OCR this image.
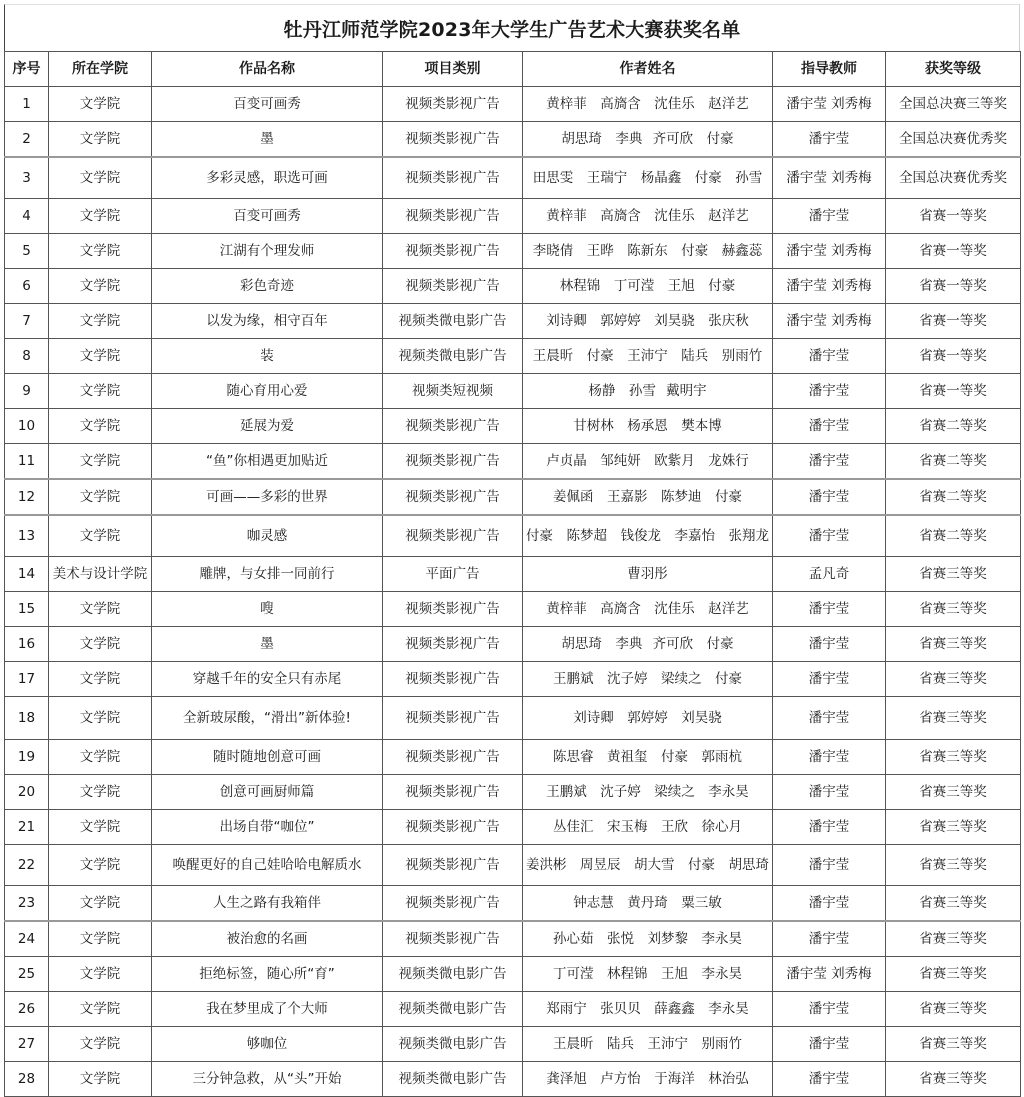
牡丹江师范学院2023年大学生广告艺术大赛获奖名单
序号	所在学院	作品名称	项目类别	作者姓名	指导教师	获奖等级
1	文学院	百变可画秀	视频类影视广告	黄梓菲　高旖含　沈佳乐　赵洋艺	潘宇莹 刘秀梅	全国总决赛三等奖
2	文学院	墨	视频类影视广告	胡思琦　李典 齐可欣　付豪	潘宇莹	全国总决赛优秀奖
3	文学院	多彩灵感，职选可画	视频类影视广告	田思雯　王瑞宁　杨晶鑫　付豪　孙雪	潘宇莹 刘秀梅	全国总决赛优秀奖
4	文学院	百变可画秀	视频类影视广告	黄梓菲　高旖含　沈佳乐　赵洋艺	潘宇莹	省赛一等奖
5	文学院	江湖有个理发师	视频类影视广告	李晓倩　王晔　陈新东　付豪　赫鑫蕊	潘宇莹 刘秀梅	省赛一等奖
6	文学院	彩色奇迹	视频类影视广告	林程锦　丁可滢　王旭　付豪	潘宇莹 刘秀梅	省赛一等奖
7	文学院	以发为缘，相守百年	视频类微电影广告	刘诗卿　郭婷婷　刘昊骁　张庆秋	潘宇莹 刘秀梅	省赛一等奖
8	文学院	装	视频类微电影广告	王晨昕　付豪　王沛宁　陆兵　别雨竹	潘宇莹	省赛一等奖
9	文学院	随心育用心爱	视频类短视频	杨静　孙雪 戴明宇	潘宇莹	省赛一等奖
10	文学院	延展为爱	视频类影视广告	甘树林　杨承恩　樊本博	潘宇莹	省赛二等奖
11	文学院	“鱼”你相遇更加贴近	视频类影视广告	卢贞晶　邹纯妍　欧紫月　龙姝行	潘宇莹	省赛二等奖
12	文学院	可画——多彩的世界	视频类影视广告	姜佩函　王嘉影　陈梦迪　付豪	潘宇莹	省赛二等奖
13	文学院	咖灵感	视频类影视广告	付豪　陈梦超　钱俊龙　李嘉怡　张翔龙	潘宇莹	省赛二等奖
14	美术与设计学院	雕牌，与女排一同前行	平面广告	曹羽彤	孟凡奇	省赛三等奖
15	文学院	嗖	视频类影视广告	黄梓菲　高旖含　沈佳乐　赵洋艺	潘宇莹	省赛三等奖
16	文学院	墨	视频类影视广告	胡思琦　李典 齐可欣　付豪	潘宇莹	省赛三等奖
17	文学院	穿越千年的安全只有赤尾	视频类影视广告	王鹏斌　沈子婷　梁续之　付豪	潘宇莹	省赛三等奖
18	文学院	全新玻尿酸，“滑出”新体验!	视频类影视广告	刘诗卿　郭婷婷　刘昊骁	潘宇莹	省赛三等奖
19	文学院	随时随地创意可画	视频类影视广告	陈思睿　黄祖玺　付豪　郭雨杭	潘宇莹	省赛三等奖
20	文学院	创意可画厨师篇	视频类影视广告	王鹏斌　沈子婷　梁续之　李永昊	潘宇莹	省赛三等奖
21	文学院	出场自带“咖位”	视频类影视广告	丛佳汇　宋玉梅　王欣　徐心月	潘宇莹	省赛三等奖
22	文学院	唤醒更好的自己娃哈哈电解质水	视频类影视广告	姜洪彬　周昱辰　胡大雪　付豪　胡思琦	潘宇莹	省赛三等奖
23	文学院	人生之路有我箱伴	视频类影视广告	钟志慧　黄丹琦　粟三敏	潘宇莹	省赛三等奖
24	文学院	被治愈的名画	视频类影视广告	孙心茹　张悦　刘梦黎　李永昊	潘宇莹	省赛三等奖
25	文学院	拒绝标签，随心所“育”	视频类微电影广告	丁可滢　林程锦　王旭　李永昊	潘宇莹 刘秀梅	省赛三等奖
26	文学院	我在梦里成了个大师	视频类微电影广告	郑雨宁　张贝贝　薛鑫鑫　李永昊	潘宇莹	省赛三等奖
27	文学院	够咖位	视频类微电影广告	王晨昕　陆兵　王沛宁　别雨竹	潘宇莹	省赛三等奖
28	文学院	三分钟急救，从“头”开始	视频类微电影广告	龚泽旭　卢方怡　于海洋　林治弘	潘宇莹	省赛三等奖
